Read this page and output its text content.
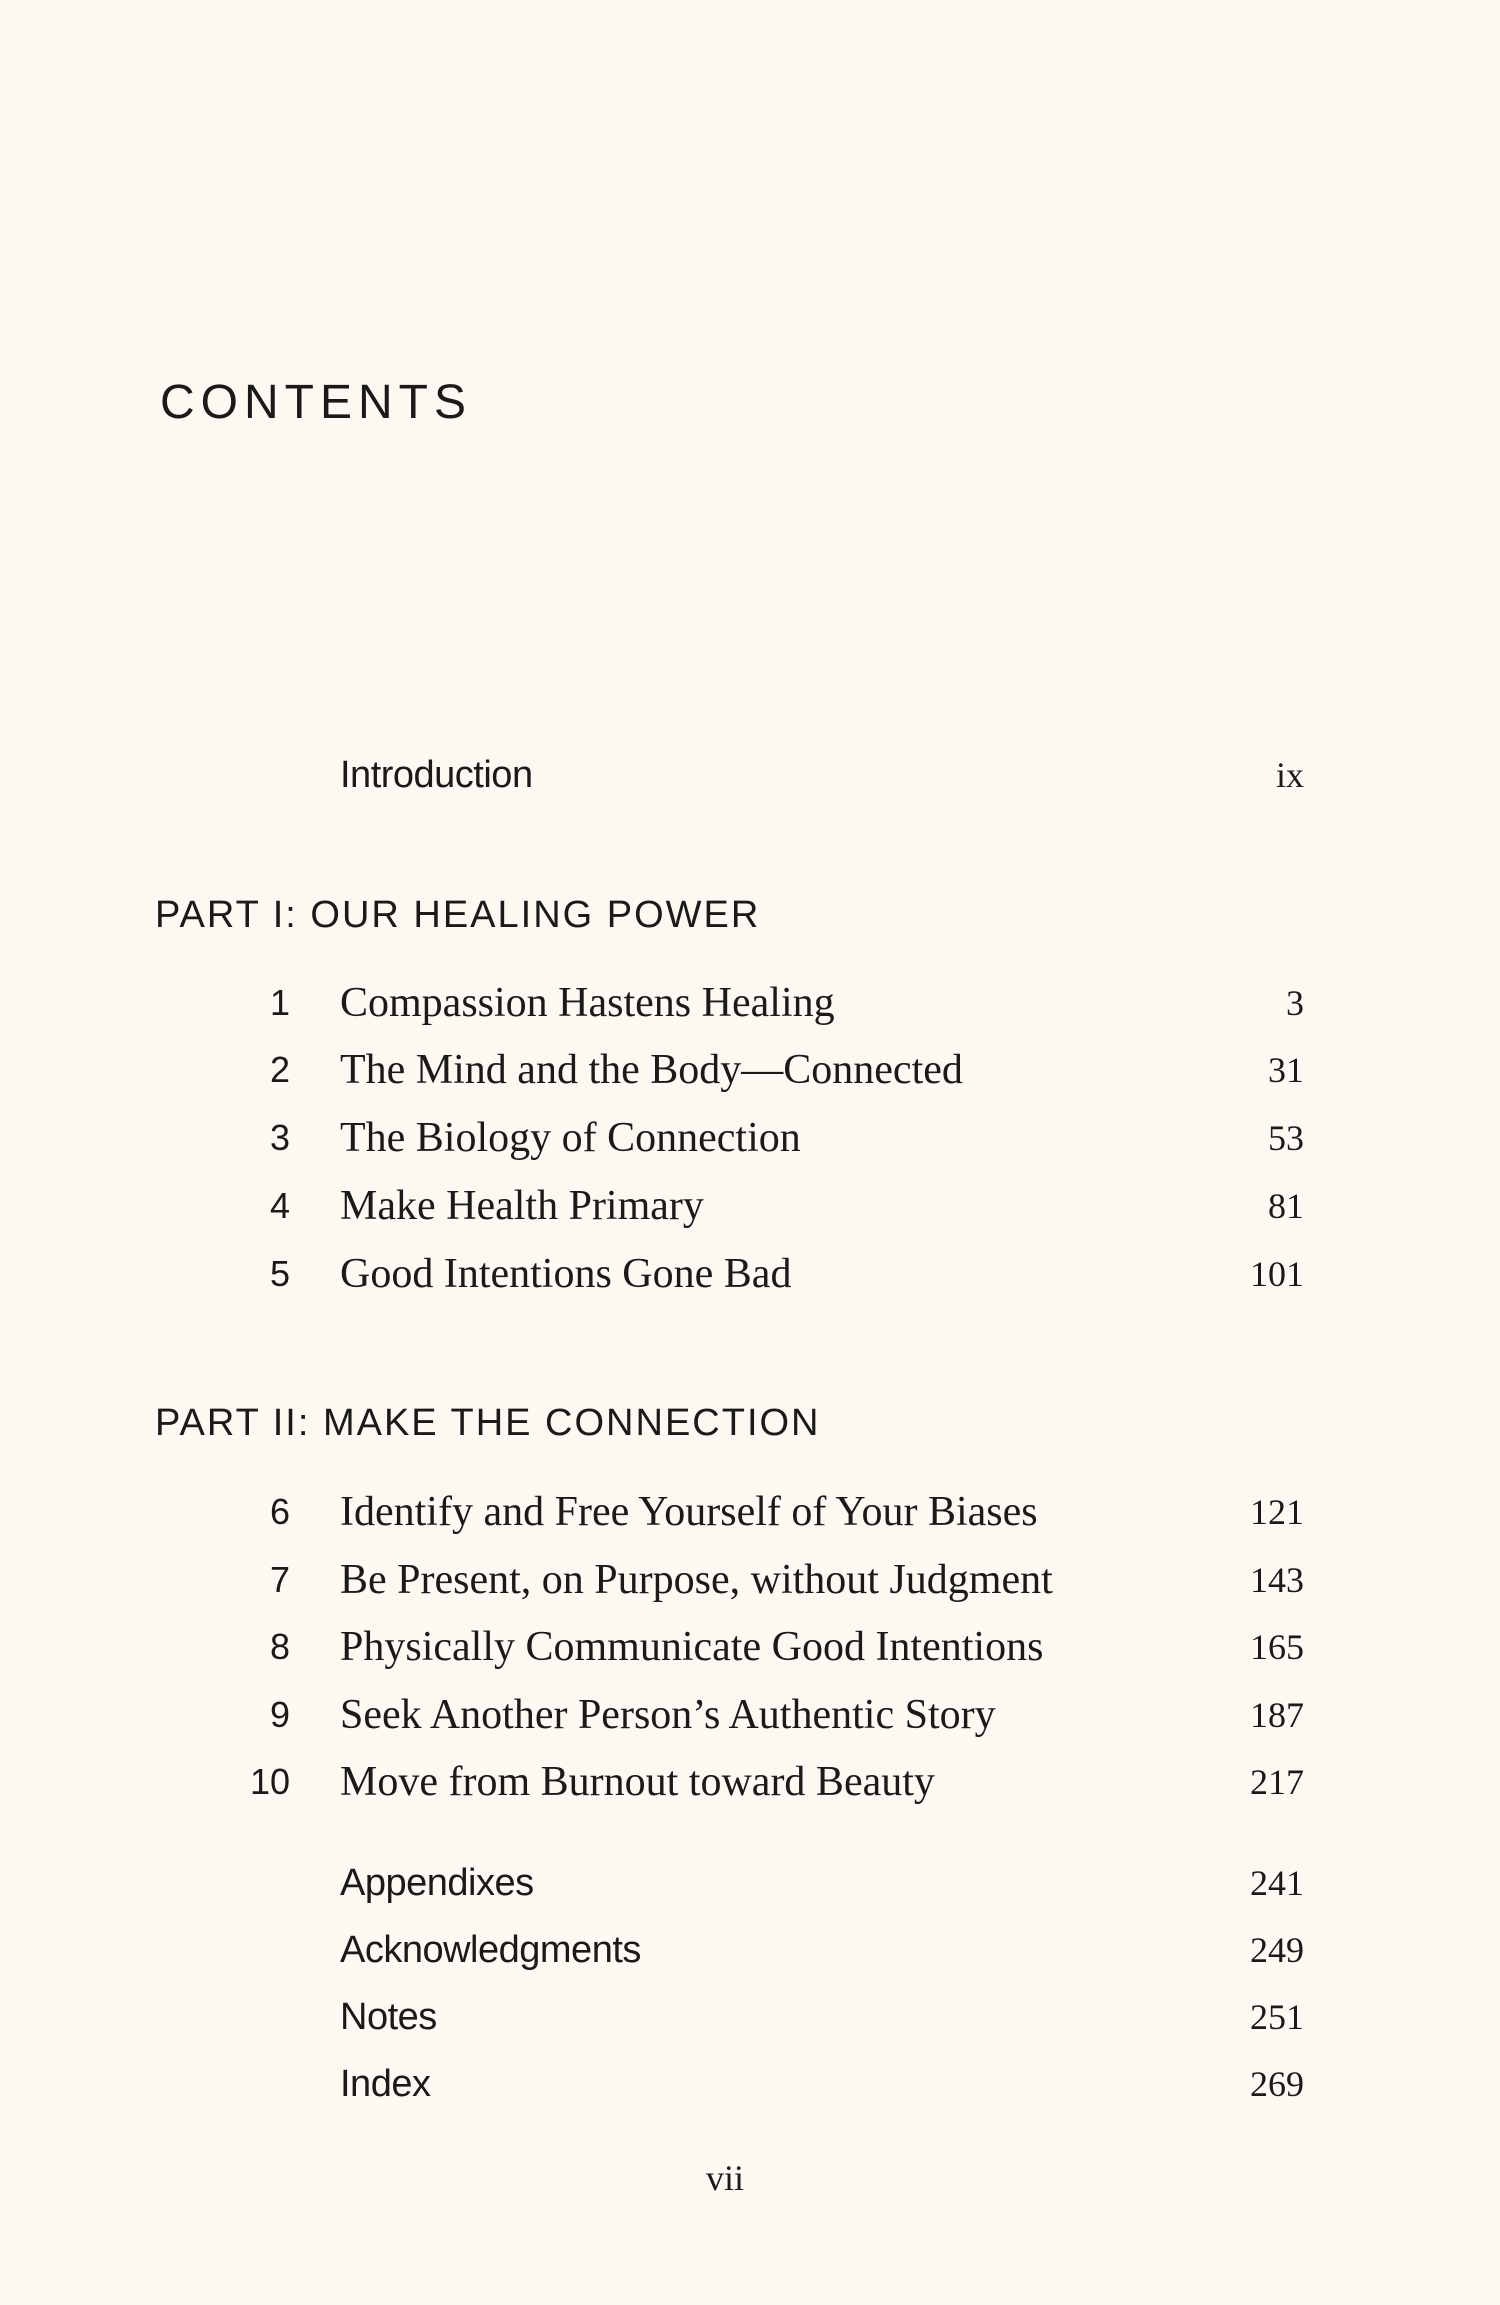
CONTENTS
Introduction	ix
PART I: OUR HEALING POWER
1 Compassion Hastens Healing	3
2 The Mind and the Body—Connected	31
3 The Biology of Connection	53
4 Make Health Primary	81
5 Good Intentions Gone Bad	101
PART II: MAKE THE CONNECTION
6 Identify and Free Yourself of Your Biases	121
7 Be Present, on Purpose, without Judgment	143
8 Physically Communicate Good Intentions	165
9 Seek Another Person’s Authentic Story	187
10 Move from Burnout toward Beauty	217
Appendixes	241
Acknowledgments	249
Notes	251
Index	269
vii
